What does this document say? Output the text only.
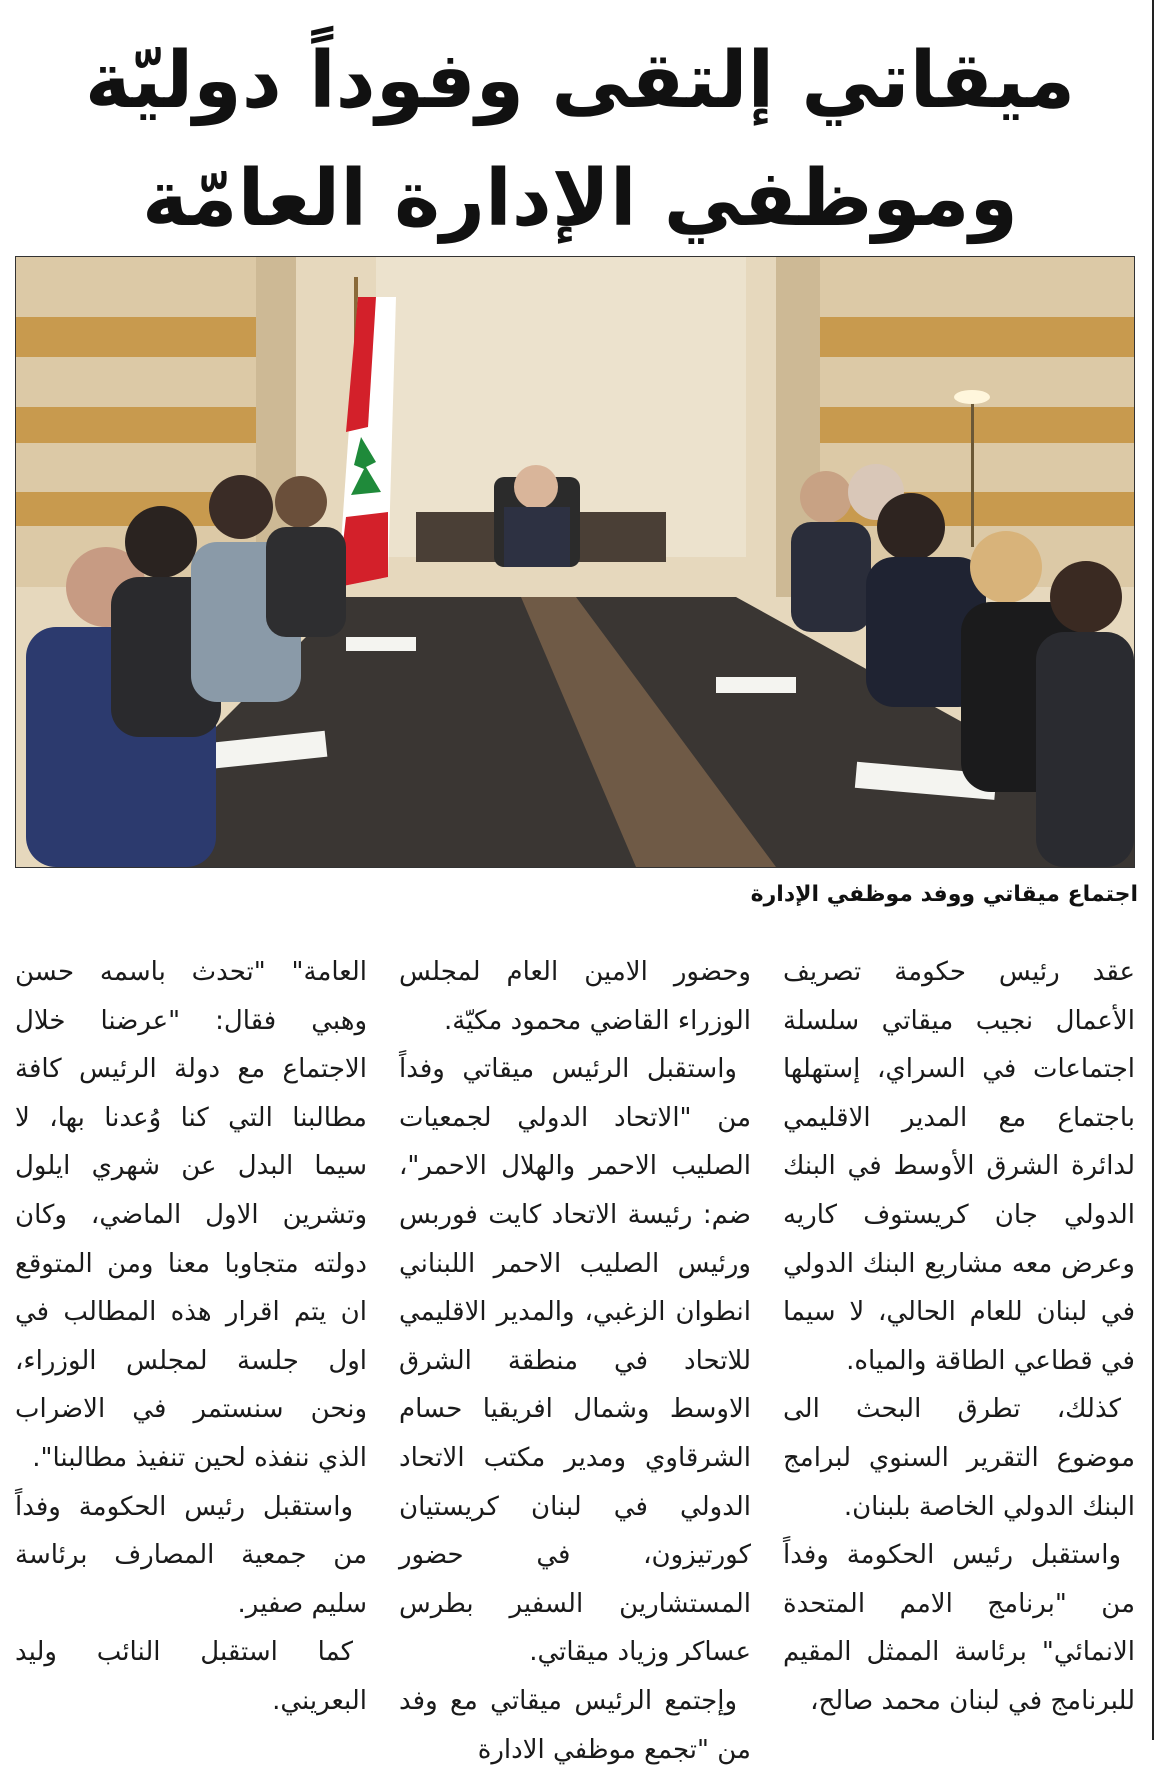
ميقاتي إلتقى وفوداً دوليّة
وموظفي الإدارة العامّة
اجتماع ميقاتي ووفد موظفي الإدارة

عقد رئيس حكومة تصريف الأعمال نجيب ميقاتي سلسلة اجتماعات في السراي، إستهلها باجتماع مع المدير الاقليمي لدائرة الشرق الأوسط في البنك الدولي جان كريستوف كاريه وعرض معه مشاريع البنك الدولي في لبنان للعام الحالي، لا سيما في قطاعي الطاقة والمياه.

كذلك، تطرق البحث الى موضوع التقرير السنوي لبرامج البنك الدولي الخاصة بلبنان.

واستقبل رئيس الحكومة وفداً من "برنامج الامم المتحدة الانمائي" برئاسة الممثل المقيم للبرنامج في لبنان محمد صالح،

وحضور الامين العام لمجلس الوزراء القاضي محمود مكيّة.

واستقبل الرئيس ميقاتي وفداً من "الاتحاد الدولي لجمعيات الصليب الاحمر والهلال الاحمر"، ضم: رئيسة الاتحاد كايت فوربس ورئيس الصليب الاحمر اللبناني انطوان الزغبي، والمدير الاقليمي للاتحاد في منطقة الشرق الاوسط وشمال افريقيا حسام الشرقاوي ومدير مكتب الاتحاد الدولي في لبنان كريستيان كورتيزون، في حضور المستشارين السفير بطرس عساكر وزياد ميقاتي.

وإجتمع الرئيس ميقاتي مع وفد من "تجمع موظفي الادارة

العامة" "تحدث باسمه حسن وهبي فقال: "عرضنا خلال الاجتماع مع دولة الرئيس كافة مطالبنا التي كنا وُعدنا بها، لا سيما البدل عن شهري ايلول وتشرين الاول الماضي، وكان دولته متجاوبا معنا ومن المتوقع ان يتم اقرار هذه المطالب في اول جلسة لمجلس الوزراء، ونحن سنستمر في الاضراب الذي ننفذه لحين تنفيذ مطالبنا".

واستقبل رئيس الحكومة وفداً من جمعية المصارف برئاسة سليم صفير.

كما استقبل النائب وليد البعريني.
